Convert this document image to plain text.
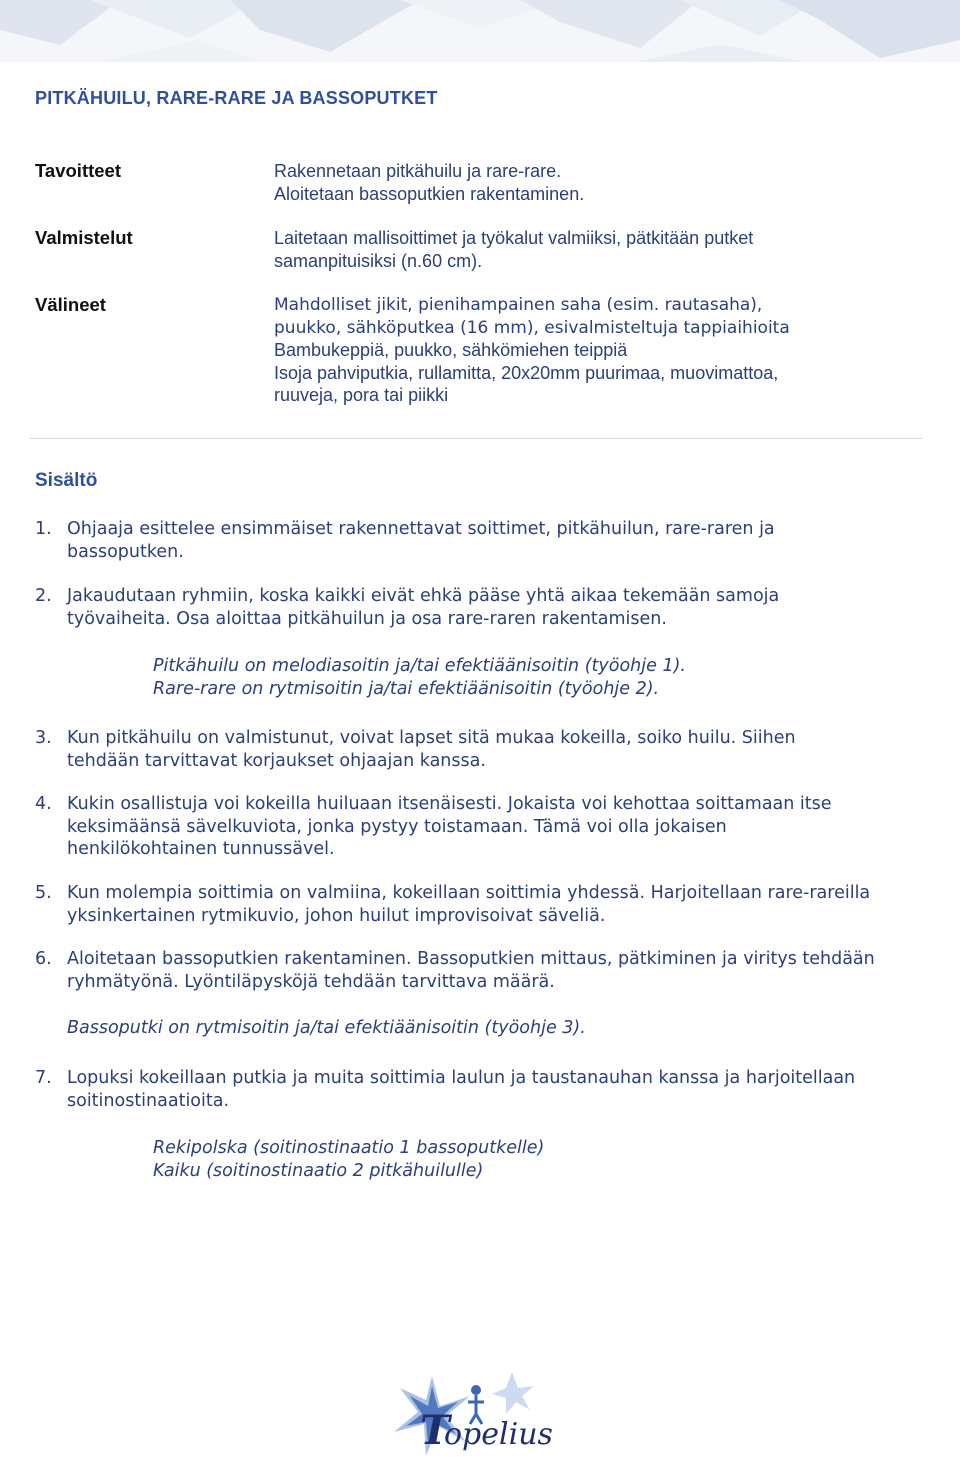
PITKÄHUILU, RARE-RARE JA BASSOPUTKET
Tavoitteet	Rakennetaan pitkähuilu ja rare-rare.
Aloitetaan bassoputkien rakentaminen.
Valmistelut	Laitetaan mallisoittimet ja työkalut valmiiksi, pätkitään putket
samanpituisiksi (n.60 cm).
Välineet	Mahdolliset jikit, pienihampainen saha (esim. rautasaha),
puukko, sähköputkea (16 mm), esivalmisteltuja tappiaihioita
Bambukeppiä, puukko, sähkömiehen teippiä
Isoja pahviputkia, rullamitta, 20x20mm puurimaa, muovimattoa,
ruuveja, pora tai piikki
Sisältö
1. Ohjaaja esittelee ensimmäiset rakennettavat soittimet, pitkähuilun, rare-raren ja
bassoputken.
2. Jakaudutaan ryhmiin, koska kaikki eivät ehkä pääse yhtä aikaa tekemään samoja
työvaiheita. Osa aloittaa pitkähuilun ja osa rare-raren rakentamisen.
Pitkähuilu on melodiasoitin ja/tai efektiäänisoitin (työohje 1).
Rare-rare on rytmisoitin ja/tai efektiäänisoitin (työohje 2).
3. Kun pitkähuilu on valmistunut, voivat lapset sitä mukaa kokeilla, soiko huilu. Siihen
tehdään tarvittavat korjaukset ohjaajan kanssa.
4. Kukin osallistuja voi kokeilla huiluaan itsenäisesti. Jokaista voi kehottaa soittamaan itse
keksimäänsä sävelkuviota, jonka pystyy toistamaan. Tämä voi olla jokaisen
henkilökohtainen tunnussävel.
5. Kun molempia soittimia on valmiina, kokeillaan soittimia yhdessä. Harjoitellaan rare-rareilla
yksinkertainen rytmikuvio, johon huilut improvisoivat säveliä.
6. Aloitetaan bassoputkien rakentaminen. Bassoputkien mittaus, pätkiminen ja viritys tehdään
ryhmätyönä. Lyöntiläpysköjä tehdään tarvittava määrä.
Bassoputki on rytmisoitin ja/tai efektiäänisoitin (työohje 3).
7. Lopuksi kokeillaan putkia ja muita soittimia laulun ja taustanauhan kanssa ja harjoitellaan
soitinostinaatioita.
Rekipolska (soitinostinaatio 1 bassoputkelle)
Kaiku (soitinostinaatio 2 pitkähuilulle)
T
opelius
